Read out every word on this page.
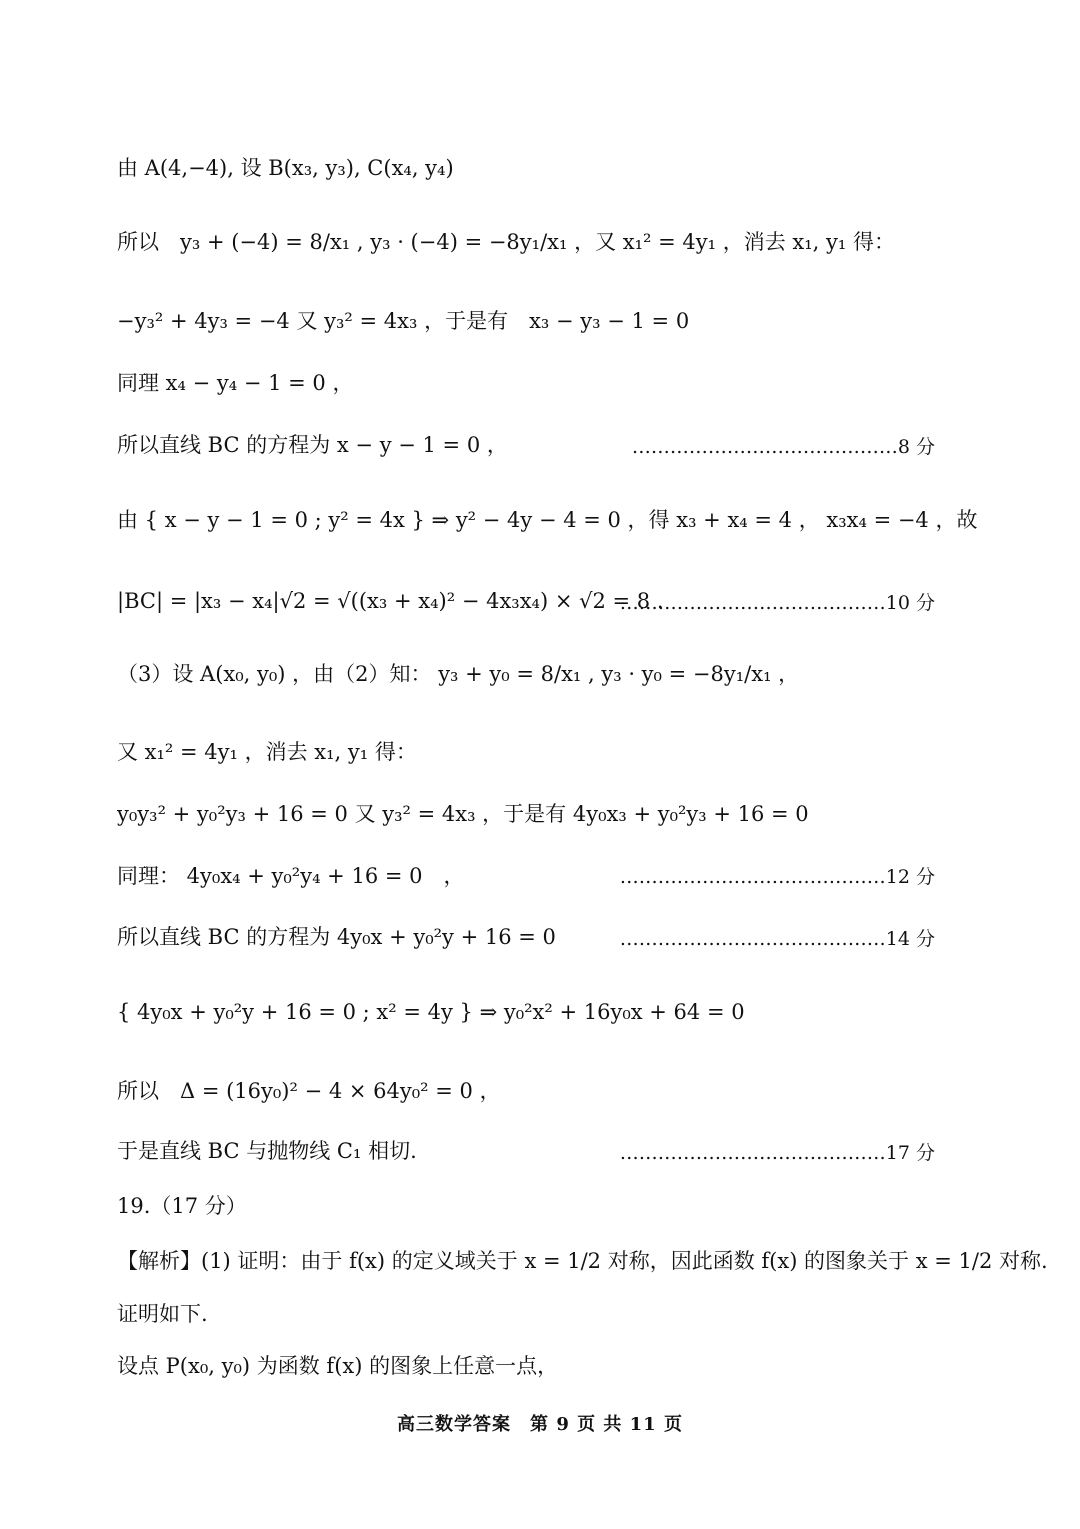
由 A(4,−4), 设 B(x₃, y₃), C(x₄, y₄)
所以　y₃ + (−4) = 8/x₁ , y₃ · (−4) = −8y₁/x₁ ，又 x₁² = 4y₁ ，消去 x₁, y₁ 得：
−y₃² + 4y₃ = −4 又 y₃² = 4x₃ ，于是有　x₃ − y₃ − 1 = 0
同理 x₄ − y₄ − 1 = 0 ，
所以直线 BC 的方程为 x − y − 1 = 0 ，	……………………………………8 分
由 { x − y − 1 = 0 ; y² = 4x } ⇒ y² − 4y − 4 = 0 ，得 x₃ + x₄ = 4 ， x₃x₄ = −4 ，故
|BC| = |x₃ − x₄|√2 = √((x₃ + x₄)² − 4x₃x₄) × √2 = 8 .
……………………………………10 分
（3）设 A(x₀, y₀) ，由（2）知： y₃ + y₀ = 8/x₁ , y₃ · y₀ = −8y₁/x₁ ，
又 x₁² = 4y₁ ，消去 x₁, y₁ 得：
y₀y₃² + y₀²y₃ + 16 = 0 又 y₃² = 4x₃ ，于是有 4y₀x₃ + y₀²y₃ + 16 = 0
同理： 4y₀x₄ + y₀²y₄ + 16 = 0　，	……………………………………12 分
所以直线 BC 的方程为 4y₀x + y₀²y + 16 = 0	……………………………………14 分
{ 4y₀x + y₀²y + 16 = 0 ; x² = 4y } ⇒ y₀²x² + 16y₀x + 64 = 0
所以　Δ = (16y₀)² − 4 × 64y₀² = 0 ，
于是直线 BC 与抛物线 C₁ 相切.	……………………………………17 分
19.（17 分）
【解析】(1) 证明：由于 f(x) 的定义域关于 x = 1/2 对称，因此函数 f(x) 的图象关于 x = 1/2 对称.
证明如下.
设点 P(x₀, y₀) 为函数 f(x) 的图象上任意一点，
高三数学答案　第 9 页 共 11 页
